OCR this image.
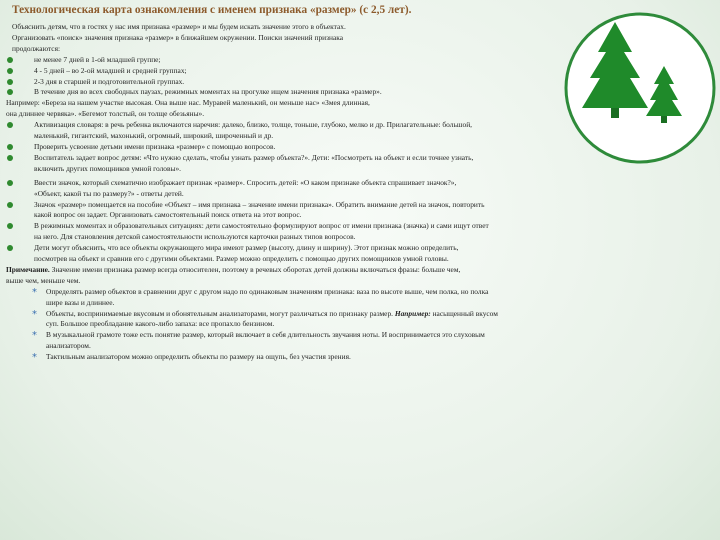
Технологическая карта ознакомления с именем признака «размер» (с 2,5 лет).

Объяснить детям, что в гостях у нас имя признака «размер» и мы будем искать значение этого в объектах.

Организовать «поиск» значения признака «размер» в ближайшем окружении. Поиски значений признака

продолжаются:

не менее 7 дней в 1-ой младшей группе;

4 - 5 дней – во 2-ой младшей и средней группах;

2-3 дня в старшей и подготовительной группах.

В течение дня во всех свободных паузах, режимных моментах на прогулке ищем значения признака «размер».

Например: «Береза на нашем участке высокая. Она выше нас. Муравей маленький, он меньше нас» «Змея длинная,

она длиннее червяка». «Бегемот толстый, он толще обезьяны».

Активизация словаря: в речь ребенка включаются наречия: далеко, близко, толще, тоньше, глубоко, мелко и др. Прилагательные: большой,
маленький, гигантский, махонький, огромный, широкий, широченный и др.

Проверить усвоение детьми имени признака «размер» с помощью вопросов.

Воспитатель задает вопрос детям: «Что нужно сделать, чтобы узнать размер объекта?». Дети: «Посмотреть на объект и если точнее узнать,
включить других помощников умной головы».

Ввести значок, который схематично изображает признак «размер». Спросить детей: «О каком признаке объекта спрашивает значок?»,
«Объект, какой ты по размеру?» - ответы детей.

Значок «размер» помещается на пособие «Объект – имя признака – значение имени признака». Обратить внимание детей на значок, повторить
какой вопрос он задает. Организовать самостоятельный поиск ответа на этот вопрос.

В режимных моментах и образовательных ситуациях: дети самостоятельно формулируют вопрос от имени признака (значка) и сами ищут ответ
на него. Для становления детской самостоятельности используются карточки разных типов вопросов.

Дети могут объяснить, что все объекты окружающего мира имеют размер (высоту, длину и ширину). Этот признак можно определить,
посмотрев на объект и сравнив его с другими объектами. Размер можно определить с помощью других помощников умной головы.

Примечание. Значение имени признака размер всегда относителен, поэтому в речевых оборотах детей должны включаться фразы: больше чем,

выше чем, меньше чем.

⁎ Определять размер объектов в сравнении друг с другом надо по одинаковым значениям признака: ваза по высоте выше, чем полка, но полка
шире вазы и длиннее.

⁎ Объекты, воспринимаемые вкусовым и обонятельным анализаторами, могут различаться по признаку размер. Например: насыщенный вкусом
суп. Большое преобладание какого-либо запаха: все пропахло бензином.

⁎ В музыкальной грамоте тоже есть понятие размер, который включает в себя длительность звучания ноты. И воспринимается это слуховым
анализатором.

⁎ Тактильным анализатором можно определить объекты по размеру на ощупь, без участия зрения.
